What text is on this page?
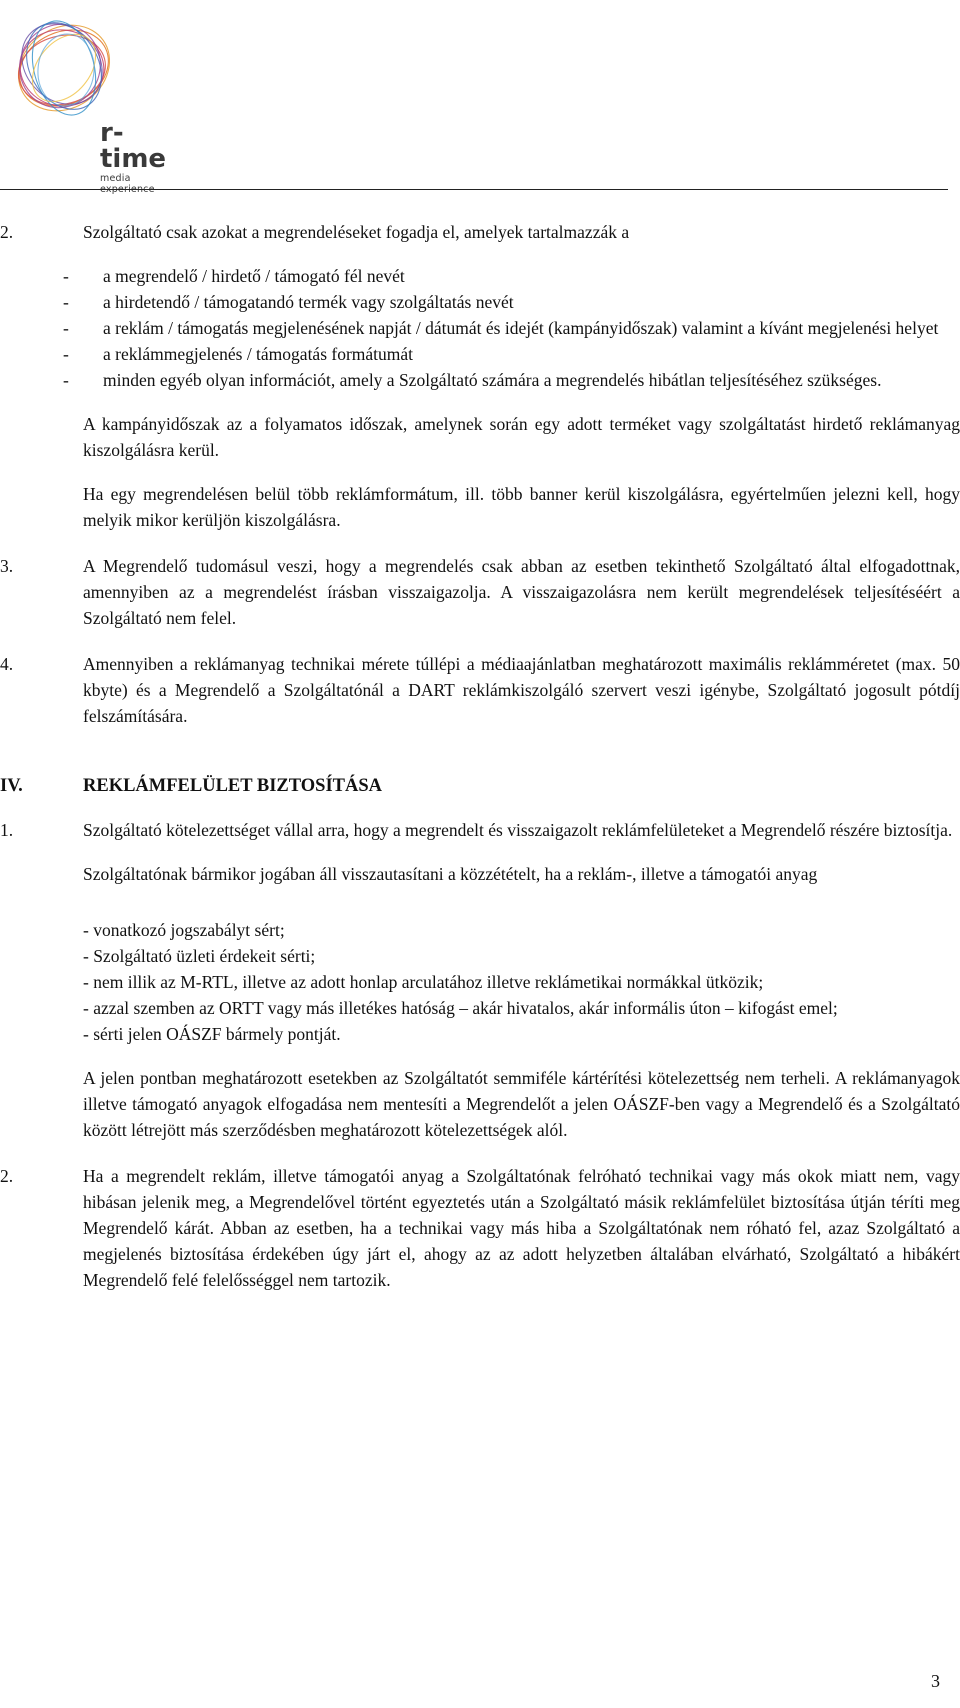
r-time
media experience
2.	Szolgáltató csak azokat a megrendeléseket fogadja el, amelyek tartalmazzák a

-	a megrendelő / hirdető / támogató fél nevét
-	a hirdetendő / támogatandó termék vagy szolgáltatás nevét
-	a reklám / támogatás megjelenésének napját / dátumát és idejét (kampányidőszak) valamint a kívánt megjelenési helyet
-	a reklámmegjelenés / támogatás formátumát
-	minden egyéb olyan információt, amely a Szolgáltató számára a megrendelés hibátlan teljesítéséhez szükséges.

A kampányidőszak az a folyamatos időszak, amelynek során egy adott terméket vagy szolgáltatást hirdető reklámanyag kiszolgálásra kerül.

Ha egy megrendelésen belül több reklámformátum, ill. több banner kerül kiszolgálásra, egyértelműen jelezni kell, hogy melyik mikor kerüljön kiszolgálásra.

3.	A Megrendelő tudomásul veszi, hogy a megrendelés csak abban az esetben tekinthető Szolgáltató által elfogadottnak, amennyiben az a megrendelést írásban visszaigazolja. A visszaigazolásra nem került megrendelések teljesítéséért a Szolgáltató nem felel.
4.	Amennyiben a reklámanyag technikai mérete túllépi a médiaajánlatban meghatározott maximális reklámméretet (max. 50 kbyte) és a Megrendelő a Szolgáltatónál a DART reklámkiszolgáló szervert veszi igénybe, Szolgáltató jogosult pótdíj felszámítására.
IV.	REKLÁMFELÜLET BIZTOSÍTÁSA
1.	Szolgáltató kötelezettséget vállal arra, hogy a megrendelt és visszaigazolt reklámfelületeket a Megrendelő részére biztosítja.

Szolgáltatónak bármikor jogában áll visszautasítani a közzétételt, ha a reklám-, illetve a támogatói anyag

- vonatkozó jogszabályt sért;

- Szolgáltató üzleti érdekeit sérti;

- nem illik az M-RTL, illetve az adott honlap arculatához illetve reklámetikai normákkal ütközik;

- azzal szemben az ORTT vagy más illetékes hatóság – akár hivatalos, akár informális úton – kifogást emel;

- sérti jelen OÁSZF bármely pontját.

A jelen pontban meghatározott esetekben az Szolgáltatót semmiféle kártérítési kötelezettség nem terheli. A reklámanyagok illetve támogató anyagok elfogadása nem mentesíti a Megrendelőt a jelen OÁSZF-ben vagy a Megrendelő és a Szolgáltató között létrejött más szerződésben meghatározott kötelezettségek alól.

2.	Ha a megrendelt reklám, illetve támogatói anyag a Szolgáltatónak felróható technikai vagy más okok miatt nem, vagy hibásan jelenik meg, a Megrendelővel történt egyeztetés után a Szolgáltató másik reklámfelület biztosítása útján téríti meg Megrendelő kárát. Abban az esetben, ha a technikai vagy más hiba a Szolgáltatónak nem róható fel, azaz Szolgáltató a megjelenés biztosítása érdekében úgy járt el, ahogy az az adott helyzetben általában elvárható, Szolgáltató a hibákért Megrendelő felé felelősséggel nem tartozik.
3
